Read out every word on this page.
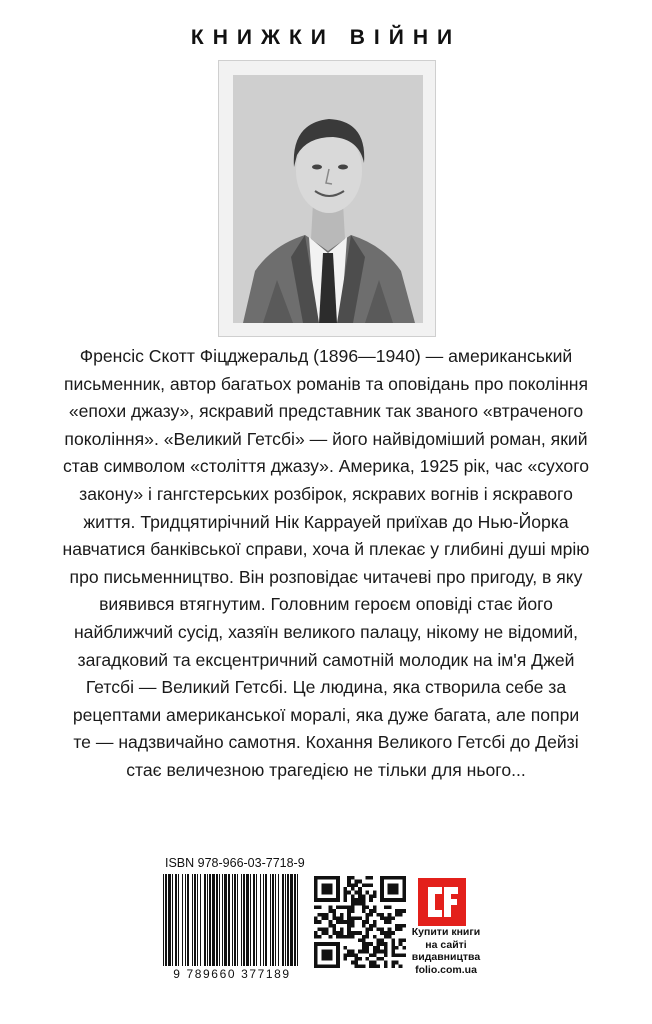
КНИЖКИ ВІЙНИ
Френсіс Скотт Фіцджеральд (1896—1940) — американський письменник, автор багатьох романів та оповідань про покоління «епохи джазу», яскравий представник так званого «втраченого покоління». «Великий Гетсбі» — його найвідоміший роман, який став символом «століття джазу». Америка, 1925 рік, час «сухого закону» і гангстерських розбірок, яскравих вогнів і яскравого життя. Тридцятирічний Нік Каррауей приїхав до Нью-Йорка навчатися банківської справи, хоча й плекає у глибині душі мрію про письменництво. Він розповідає читачеві про пригоду, в яку виявився втягнутим. Головним героєм оповіді стає його найближчий сусід, хазяїн великого палацу, нікому не відомий, загадковий та ексцентричний самотній молодик на ім'я Джей Гетсбі — Великий Гетсбі. Це людина, яка створила себе за рецептами американської моралі, яка дуже багата, але попри те — надзвичайно самотня. Кохання Великого Гетсбі до Дейзі стає величезною трагедією не тільки для нього...
ISBN 978-966-03-7718-9
9 789660 377189
Купити книги на сайті видавництва folio.com.ua
